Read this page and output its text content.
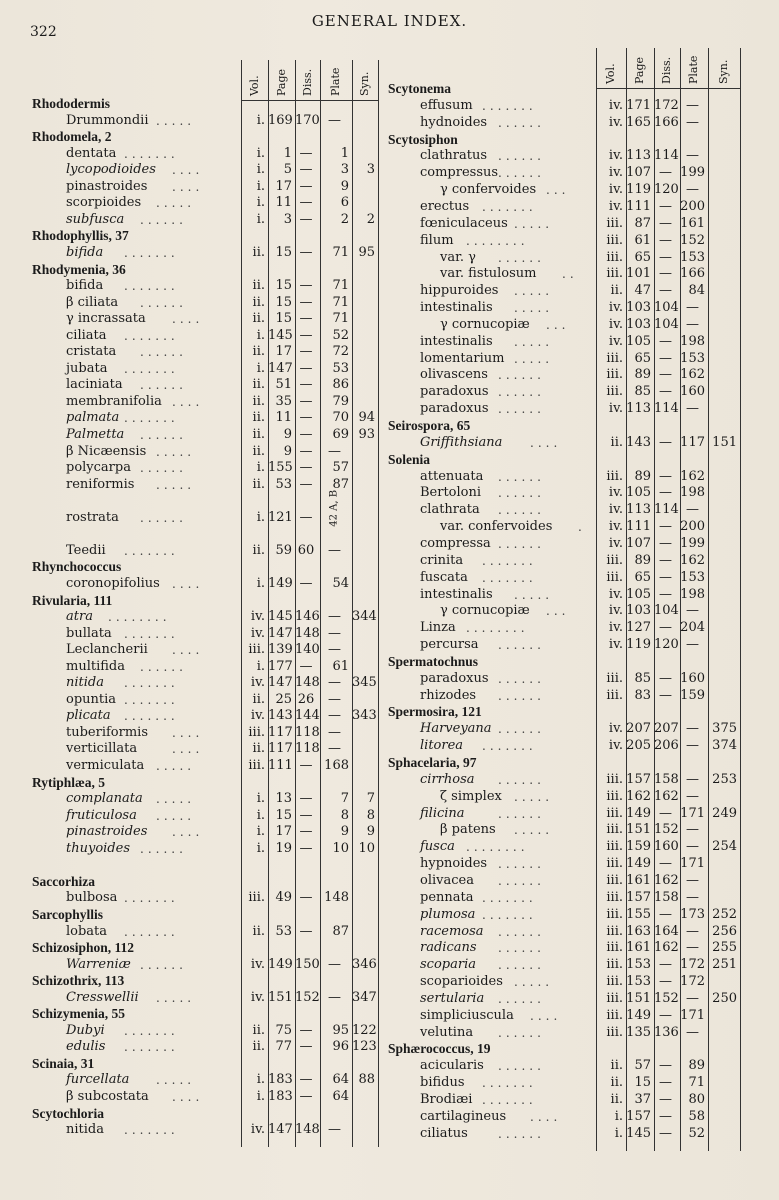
322
GENERAL INDEX.
Vol. Page Diss. Plate Syn.
Rhododermis
Drummondii .....	i. 169 170 —
Rhodomela, 2
dentata .......	i.	1 —	1
lycopodioides ....	i.	5 —	3	3
pinastroides ....	i. 17 —	9
scorpioides .....	i. 11 —	6
subfusca ......	i.	3 —	2	2
Rhodophyllis, 37
bifida .......	ii. 15 —	71 95
Rhodymenia, 36
bifida .......	ii. 15 —	71
β ciliata ......	ii. 15 —	71
γ incrassata ....	ii. 15 —	71
ciliata .......	i. 145 —	52
cristata ......	ii. 17 —	72
jubata .......	i. 147 —	53
laciniata ......	ii. 51 —	86
membranifolia ....	ii. 35 —	79
palmata .......	ii. 11 —	70 94
Palmetta ......	ii.	9 —	69 93
β Nicæensis .....	ii.	9 —	—
polycarpa ......	i. 155 —	57
reniformis .....	ii. 53 —	87
rostrata ......	i. 121 —	42 A, B
Teedii .......	ii. 59 60	—
Rhynchococcus
coronopifolius ....	i. 149 —	54
Rivularia, 111
atra ........	iv. 145 146 — 344
bullata .......	iv. 147 148 —
Leclancherii ....	iii. 139 140 —
multifida ......	i. 177 —	61
nitida .......	iv. 147 148 — 345
opuntia .......	ii. 25 26	—
plicata .......	iv. 143 144 — 343
tuberiformis ....	iii. 117 118 —
verticillata	....	ii. 117 118 —
vermiculata .....	iii. 111 — 168
Rytiphlæa, 5
complanata .....	i. 13 —	7	7
fruticulosa .....	i. 15 —	8	8
pinastroides ....	i. 17 —	9	9
thuyoides ......	i. 19 —	10 10
Saccorhiza
bulbosa .......	iii. 49 — 148
Sarcophyllis
lobata .......	ii. 53 —	87
Schizosiphon, 112
Warreniæ ......	iv. 149 150 — 346
Schizothrix, 113
Cresswellii .....	iv. 151 152 — 347
Schizymenia, 55
Dubyi .......	ii. 75 —	95 122
edulis .......	ii. 77 —	96 123
Scinaia, 31
furcellata .....	i. 183 —	64 88
β subcostata ....	i. 183 —	64
Scytochloria
nitida .......	iv. 147 148 —
Vol. Page Diss. Plate Syn.
Scytonema
effusum .......	iv. 171 172 —
hydnoides ......	iv. 165 166 —
Scytosiphon
clathratus ......	iv. 113 114 —
compressus ......	iv. 107 — 199
γ confervoides ...	iv. 119 120 —
erectus .......	iv. 111 — 200
fœniculaceus .....	iii. 87 — 161
filum ........	iii. 61 — 152
var. γ ......	iii. 65 — 153
var. fistulosum ..	iii. 101 — 166
hippuroides .....	ii. 47 —	84
intestinalis .....	iv. 103 104 —
γ cornucopiæ ...	iv. 103 104 —
intestinalis .....	iv. 105 — 198
lomentarium .....	iii. 65 — 153
olivascens ......	iii. 89 — 162
paradoxus ......	iii. 85 — 160
paradoxus ......	iv. 113 114 —
Seirospora, 65
Griffithsiana ....	ii. 143 — 117 151
Solenia
attenuata ......	iii. 89 — 162
Bertoloni ......	iv. 105 — 198
clathrata ......	iv. 113 114 —
var. confervoides .	iv. 111 — 200
compressa ......	iv. 107 — 199
crinita .......	iii. 89 — 162
fuscata .......	iii. 65 — 153
intestinalis .....	iv. 105 — 198
γ cornucopiæ ...	iv. 103 104 —
Linza ........	iv. 127 — 204
percursa ......	iv. 119 120 —
Spermatochnus
paradoxus ......	iii. 85 — 160
rhizodes ......	iii. 83 — 159
Spermosira, 121
Harveyana ......	iv. 207 207 —	375
litorea .......	iv. 205 206 —	374
Sphacelaria, 97
cirrhosa ......	iii. 157 158 —	253
ζ simplex .....	iii. 162 162 —
filicina	......	iii. 149 — 171 249
β patens .....	iii. 151 152 —
fusca ........	iii. 159 160 —	254
hypnoides ......	iii. 149 — 171
olivacea ......	iii. 161 162 —
pennata .......	iii. 157 158 —
plumosa .......	iii. 155 — 173 252
racemosa ......	iii. 163 164 —	256
radicans ......	iii. 161 162 —	255
scoparia ......	iii. 153 — 172 251
scoparioides .....	iii. 153 — 172
sertularia ......	iii. 151 152 —	250
simpliciuscula ....	iii. 149 — 171
velutina ......	iii. 135 136 —
Sphærococcus, 19
acicularis ......	ii. 57 —	89
bifidus .......	ii. 15 —	71
Brodiæi .......	ii. 37 —	80
cartilagineus ....	i. 157 —	58
ciliatus	......	i. 145 —	52
